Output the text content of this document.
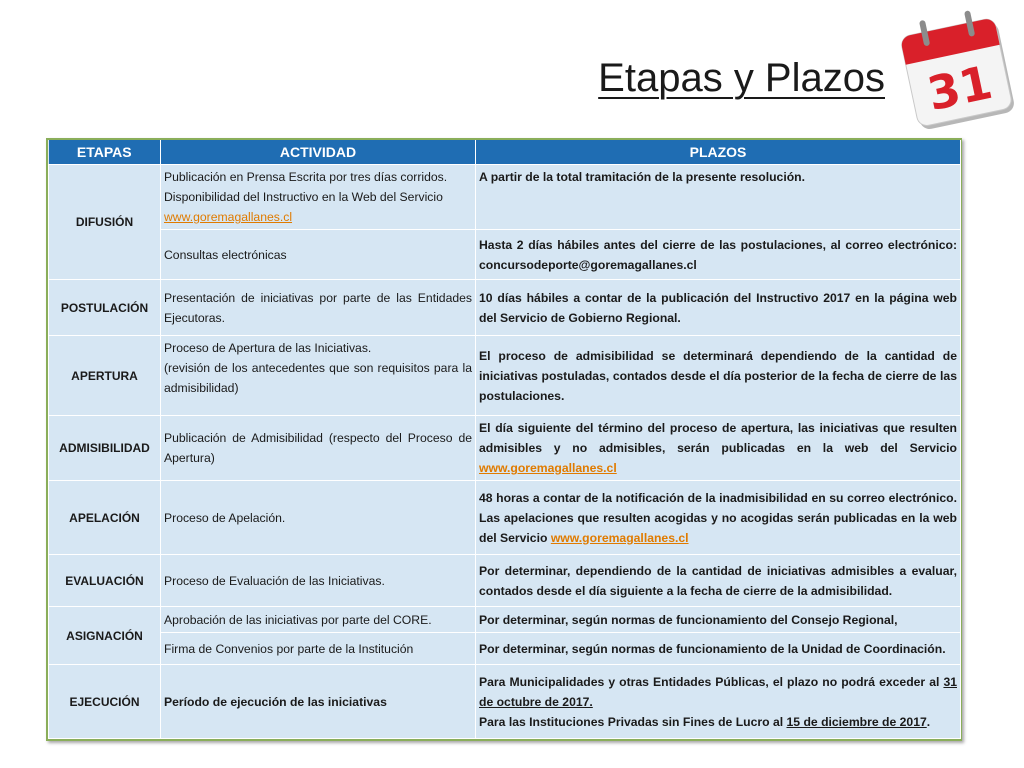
Etapas y Plazos 31
ETAPAS	ACTIVIDAD	PLAZOS
DIFUSIÓN	Publicación en Prensa Escrita por tres días corridos.
Disponibilidad del Instructivo en la Web del Servicio
www.goremagallanes.cl	A partir de la total tramitación de la presente resolución.
	Consultas electrónicas	Hasta 2 días hábiles antes del cierre de las postulaciones, al correo electrónico: concursodeporte@goremagallanes.cl
POSTULACIÓN	Presentación de iniciativas por parte de las Entidades Ejecutoras.	10 días hábiles a contar de la publicación del Instructivo 2017 en la página web del Servicio de Gobierno Regional.
APERTURA	Proceso de Apertura de las Iniciativas.
(revisión de los antecedentes que son requisitos para la admisibilidad)	El proceso de admisibilidad se determinará dependiendo de la cantidad de iniciativas postuladas, contados desde el día posterior de la fecha de cierre de las postulaciones.
ADMISIBILIDAD	Publicación de Admisibilidad (respecto del Proceso de Apertura)	El día siguiente del término del proceso de apertura, las iniciativas que resulten admisibles y no admisibles, serán publicadas en la web del Servicio www.goremagallanes.cl
APELACIÓN	Proceso de Apelación.	48 horas a contar de la notificación de la inadmisibilidad en su correo electrónico. Las apelaciones que resulten acogidas y no acogidas serán publicadas en la web del Servicio www.goremagallanes.cl
EVALUACIÓN	Proceso de Evaluación de las Iniciativas.	Por determinar, dependiendo de la cantidad de iniciativas admisibles a evaluar, contados desde el día siguiente a la fecha de cierre de la admisibilidad.
ASIGNACIÓN	Aprobación de las iniciativas por parte del CORE.	Por determinar, según normas de funcionamiento del Consejo Regional,
	Firma de Convenios por parte de la Institución	Por determinar, según normas de funcionamiento de la Unidad de Coordinación.
EJECUCIÓN	Período de ejecución de las iniciativas	Para Municipalidades y otras Entidades Públicas, el plazo no podrá exceder al 31 de octubre de 2017.
Para las Instituciones Privadas sin Fines de Lucro al 15 de diciembre de 2017.
